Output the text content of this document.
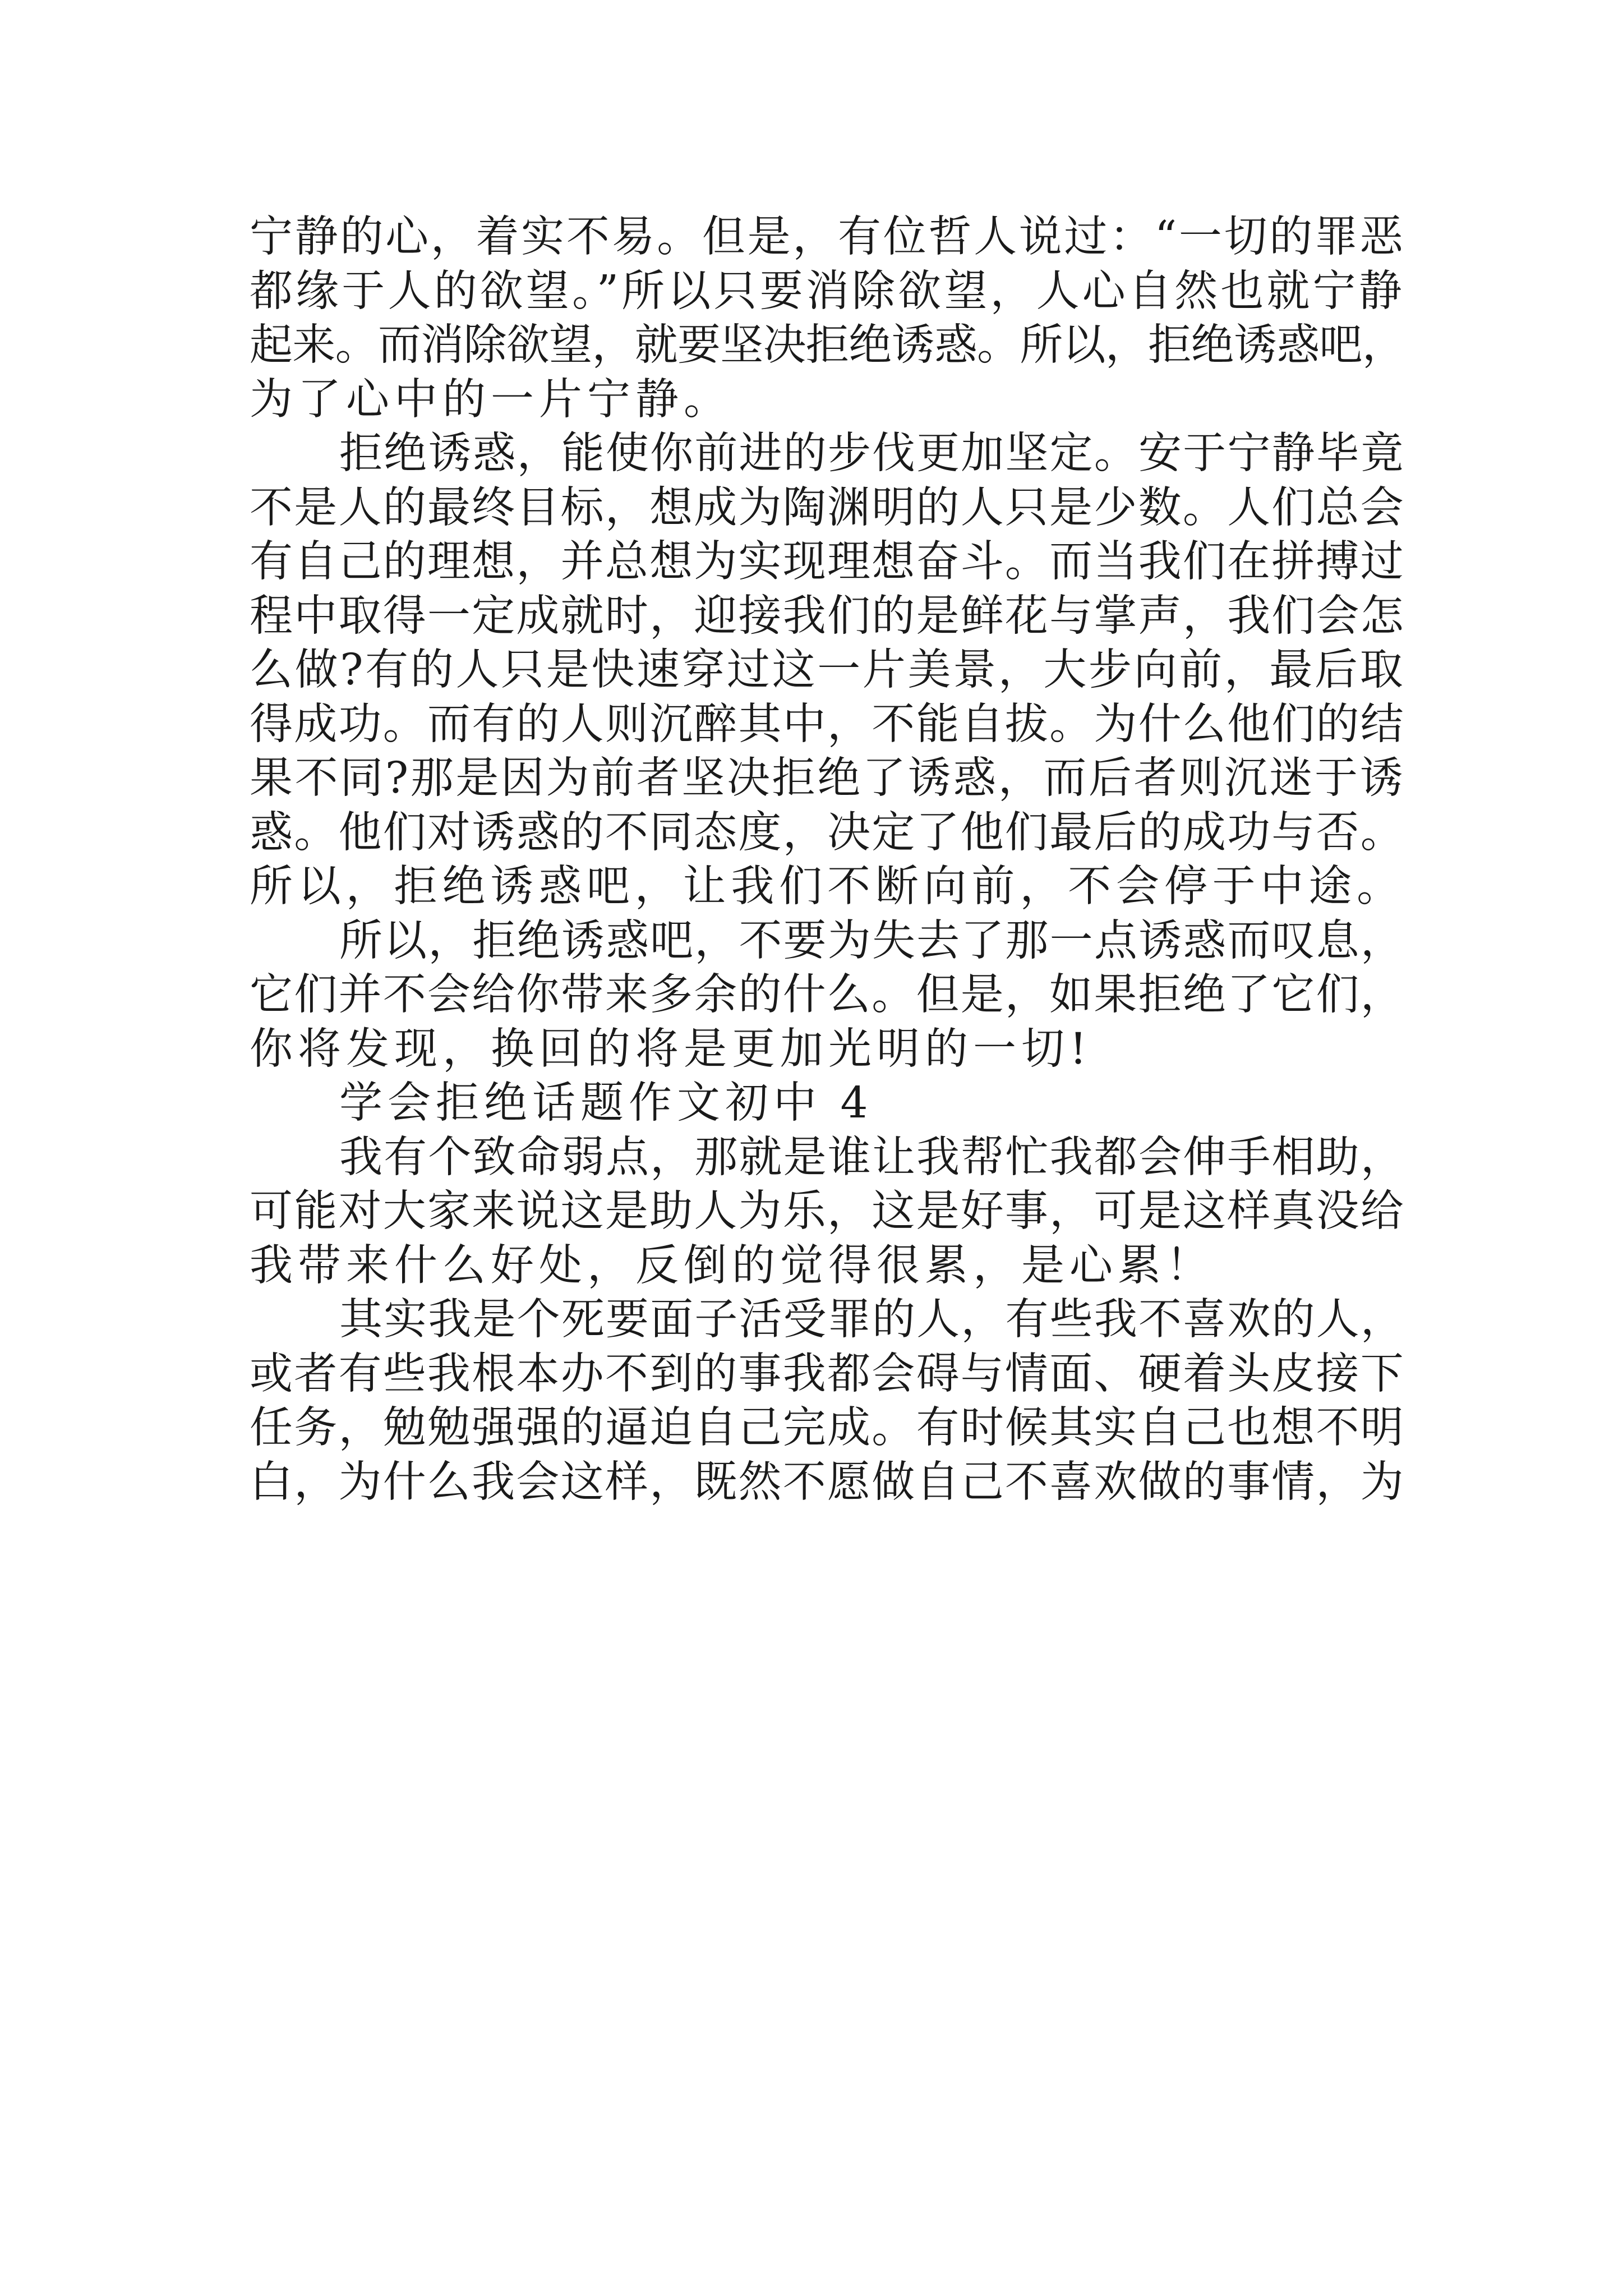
宁静的心，着实不易。但是，有位哲人说过：“一切的罪恶
都缘于人的欲望。”所以只要消除欲望，人心自然也就宁静
起来。而消除欲望，就要坚决拒绝诱惑。所以，拒绝诱惑吧，
为了心中的一片宁静。
拒绝诱惑，能使你前进的步伐更加坚定。安于宁静毕竟
不是人的最终目标，想成为陶渊明的人只是少数。人们总会
有自己的理想，并总想为实现理想奋斗。而当我们在拼搏过
程中取得一定成就时，迎接我们的是鲜花与掌声，我们会怎
么做?有的人只是快速穿过这一片美景，大步向前，最后取
得成功。而有的人则沉醉其中，不能自拔。为什么他们的结
果不同?那是因为前者坚决拒绝了诱惑，而后者则沉迷于诱
惑。他们对诱惑的不同态度，决定了他们最后的成功与否。
所以，拒绝诱惑吧，让我们不断向前，不会停于中途。
所以，拒绝诱惑吧，不要为失去了那一点诱惑而叹息，
它们并不会给你带来多余的什么。但是，如果拒绝了它们，
你将发现，换回的将是更加光明的一切!
学会拒绝话题作文初中 4
我有个致命弱点，那就是谁让我帮忙我都会伸手相助，
可能对大家来说这是助人为乐，这是好事，可是这样真没给
我带来什么好处，反倒的觉得很累，是心累！
其实我是个死要面子活受罪的人，有些我不喜欢的人，
或者有些我根本办不到的事我都会碍与情面、硬着头皮接下
任务，勉勉强强的逼迫自己完成。有时候其实自己也想不明
白，为什么我会这样，既然不愿做自己不喜欢做的事情，为
